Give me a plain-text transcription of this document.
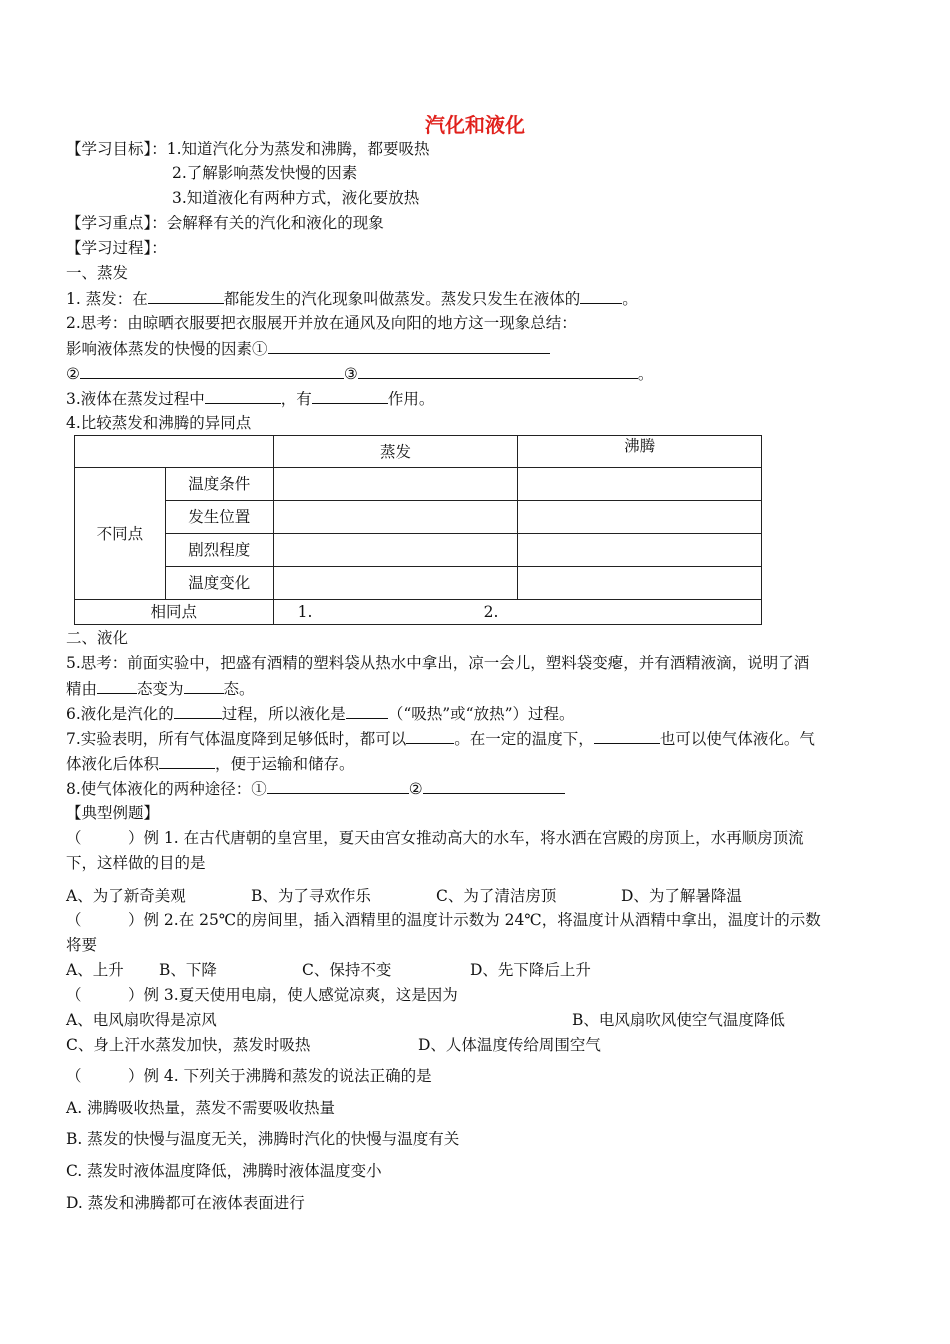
汽化和液化
【学习目标】：1.知道汽化分为蒸发和沸腾，都要吸热
2.了解影响蒸发快慢的因素
3.知道液化有两种方式，液化要放热
【学习重点】：会解释有关的汽化和液化的现象
【学习过程】：
一、蒸发
1. 蒸发：在	都能发生的汽化现象叫做蒸发。蒸发只发生在液体的	。
2.思考：由晾晒衣服要把衣服展开并放在通风及向阳的地方这一现象总结：
影响液体蒸发的快慢的因素①
②	③	。
3.液体在蒸发过程中	，有	作用。
4.比较蒸发和沸腾的异同点
		蒸发	沸腾
不同点	温度条件		
	发生位置		
	剧烈程度		
	温度变化		
相同点		1. 2.	
二、液化
5.思考：前面实验中，把盛有酒精的塑料袋从热水中拿出，凉一会儿，塑料袋变瘪，并有酒精液滴，说明了酒
精由	态变为	态。
6.液化是汽化的	过程，所以液化是	（“吸热”或“放热”）过程。
7.实验表明，所有气体温度降到足够低时，都可以	。在一定的温度下，	也可以使气体液化。气
体液化后体积	，便于运输和储存。
8.使气体液化的两种途径：①	②
【典型例题】
（　　　）例 1. 在古代唐朝的皇宫里，夏天由宫女推动高大的水车，将水洒在宫殿的房顶上，水再顺房顶流
下，这样做的目的是
A、为了新奇美观	B、为了寻欢作乐	C、为了清洁房顶	D、为了解暑降温
（　　　）例 2.在 25℃的房间里，插入酒精里的温度计示数为 24℃，将温度计从酒精中拿出，温度计的示数
将要
A、上升 B、下降	C、保持不变	D、先下降后上升
（　　　）例 3.夏天使用电扇，使人感觉凉爽，这是因为
A、电风扇吹得是凉风	B、电风扇吹风使空气温度降低
C、身上汗水蒸发加快，蒸发时吸热	D、人体温度传给周围空气
（　　　）例 4. 下列关于沸腾和蒸发的说法正确的是
A. 沸腾吸收热量，蒸发不需要吸收热量
B. 蒸发的快慢与温度无关，沸腾时汽化的快慢与温度有关
C. 蒸发时液体温度降低，沸腾时液体温度变小
D. 蒸发和沸腾都可在液体表面进行
